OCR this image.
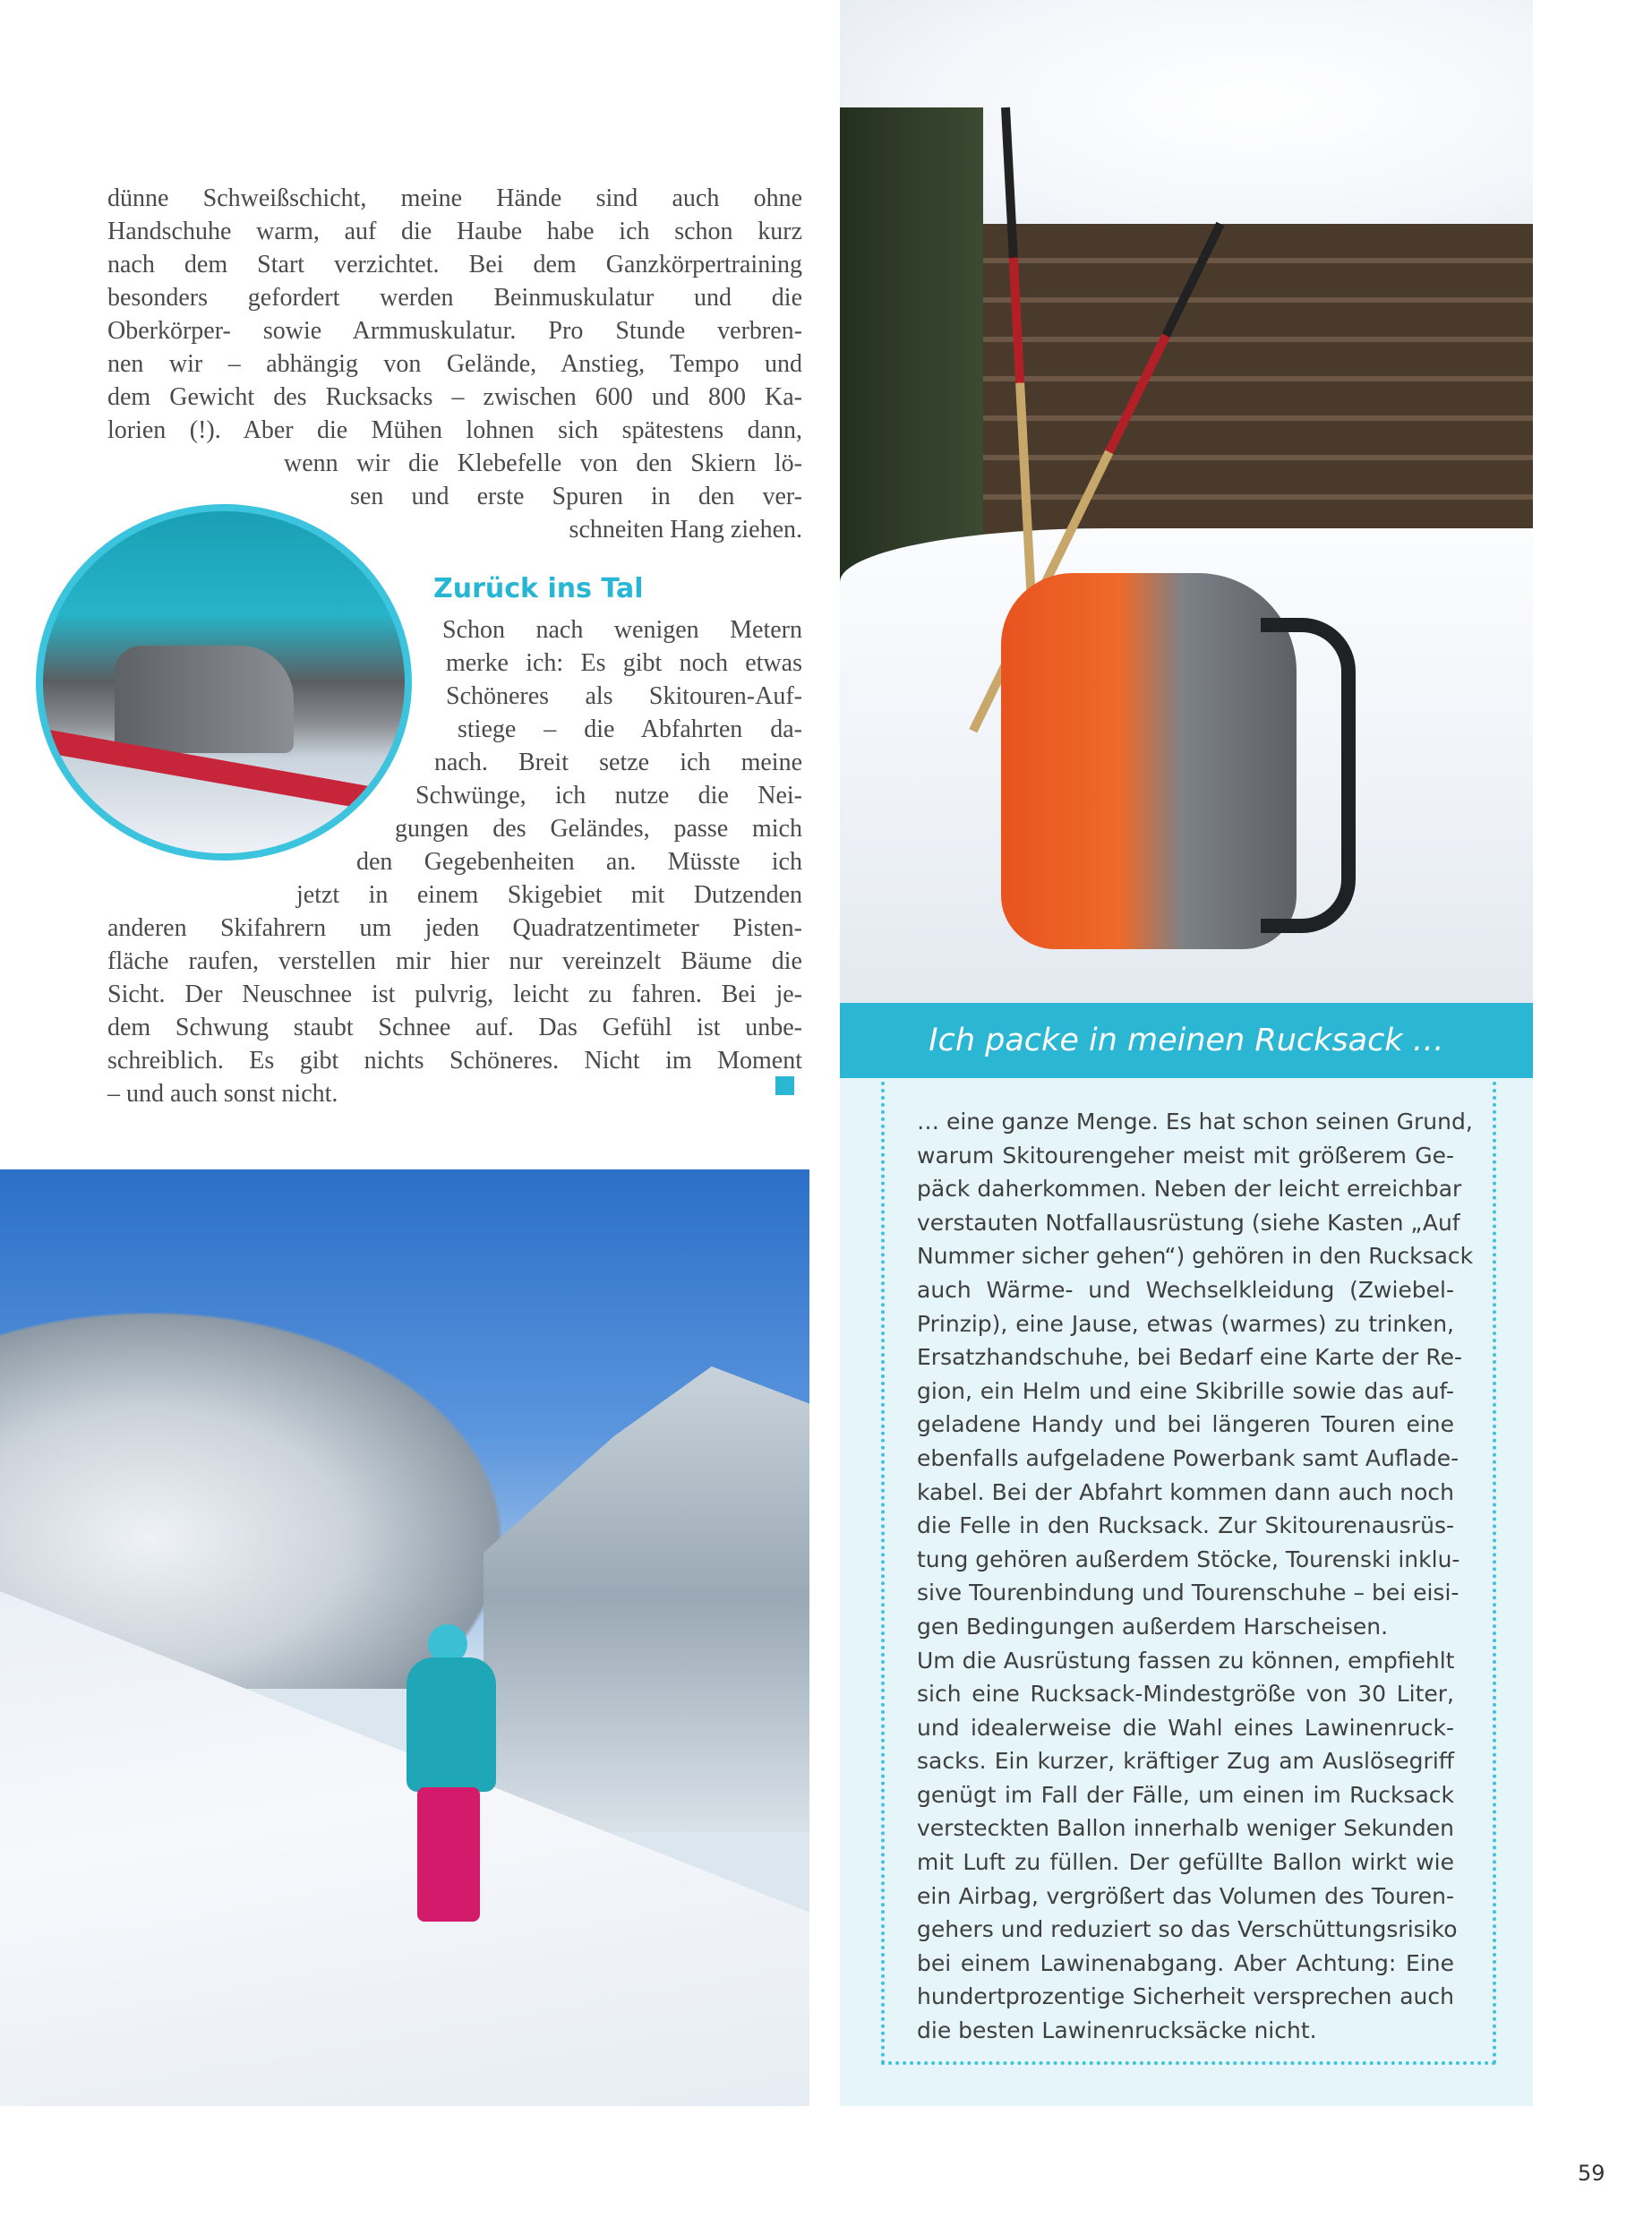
dünne Schweißschicht, meine Hände sind auch ohne
Handschuhe warm, auf die Haube habe ich schon kurz
nach dem Start verzichtet. Bei dem Ganzkörpertraining
besonders gefordert werden Beinmuskulatur und die
Oberkörper- sowie Armmuskulatur. Pro Stunde verbren-
nen wir – abhängig von Gelände, Anstieg, Tempo und
dem Gewicht des Rucksacks – zwischen 600 und 800 Ka-
lorien (!). Aber die Mühen lohnen sich spätestens dann,
wenn wir die Klebefelle von den Skiern lö-
sen und erste Spuren in den ver-
schneiten Hang ziehen.
Zurück ins Tal
Schon nach wenigen Metern
merke ich: Es gibt noch etwas
Schöneres als Skitouren-Auf-
stiege – die Abfahrten da-
nach. Breit setze ich meine
Schwünge, ich nutze die Nei-
gungen des Geländes, passe mich
den Gegebenheiten an. Müsste ich
jetzt in einem Skigebiet mit Dutzenden
anderen Skifahrern um jeden Quadratzentimeter Pisten-
fläche raufen, verstellen mir hier nur vereinzelt Bäume die
Sicht. Der Neuschnee ist pulvrig, leicht zu fahren. Bei je-
dem Schwung staubt Schnee auf. Das Gefühl ist unbe-
schreiblich. Es gibt nichts Schöneres. Nicht im Moment
– und auch sonst nicht.
Ich packe in meinen Rucksack …
… eine ganze Menge. Es hat schon seinen Grund,
warum Skitourengeher meist mit größerem Ge-
päck daherkommen. Neben der leicht erreichbar
verstauten Notfallausrüstung (siehe Kasten „Auf
Nummer sicher gehen“) gehören in den Rucksack
auch Wärme- und Wechselkleidung (Zwiebel-
Prinzip), eine Jause, etwas (warmes) zu trinken,
Ersatzhandschuhe, bei Bedarf eine Karte der Re-
gion, ein Helm und eine Skibrille sowie das auf-
geladene Handy und bei längeren Touren eine
ebenfalls aufgeladene Powerbank samt Auflade-
kabel. Bei der Abfahrt kommen dann auch noch
die Felle in den Rucksack. Zur Skitourenausrüs-
tung gehören außerdem Stöcke, Tourenski inklu-
sive Tourenbindung und Tourenschuhe – bei eisi-
gen Bedingungen außerdem Harscheisen.
Um die Ausrüstung fassen zu können, empfiehlt
sich eine Rucksack-Mindestgröße von 30 Liter,
und idealerweise die Wahl eines Lawinenruck-
sacks. Ein kurzer, kräftiger Zug am Auslösegriff
genügt im Fall der Fälle, um einen im Rucksack
versteckten Ballon innerhalb weniger Sekunden
mit Luft zu füllen. Der gefüllte Ballon wirkt wie
ein Airbag, vergrößert das Volumen des Touren-
gehers und reduziert so das Verschüttungsrisiko
bei einem Lawinenabgang. Aber Achtung: Eine
hundertprozentige Sicherheit versprechen auch
die besten Lawinenrucksäcke nicht.

59
